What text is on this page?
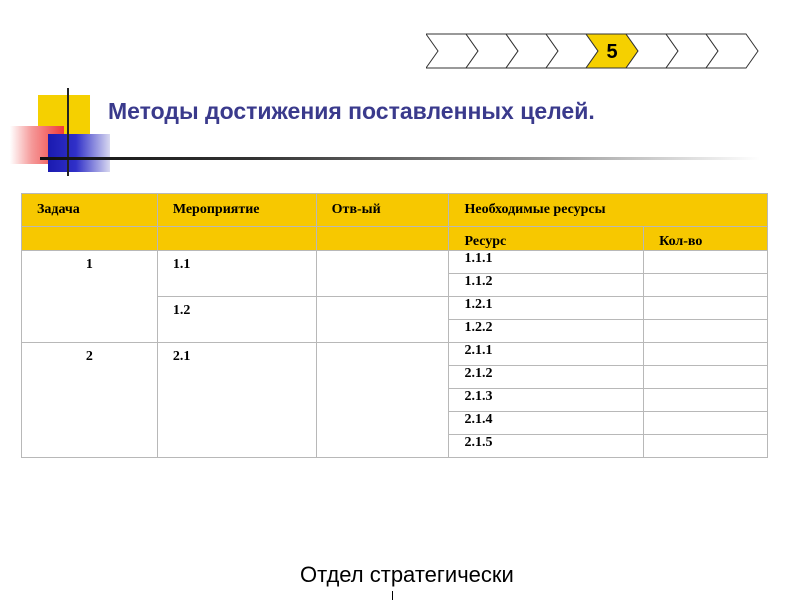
Методы достижения поставленных целей.
5
Задача	Мероприятие	Отв-ый	Необходимые ресурсы	
			Ресурс	Кол-во
1	1.1		1.1.1	
			1.1.2	
	1.2		1.2.1	
			1.2.2	
2	2.1		2.1.1	
			2.1.2	
			2.1.3	
			2.1.4	
			2.1.5	
Отдел стратегически
